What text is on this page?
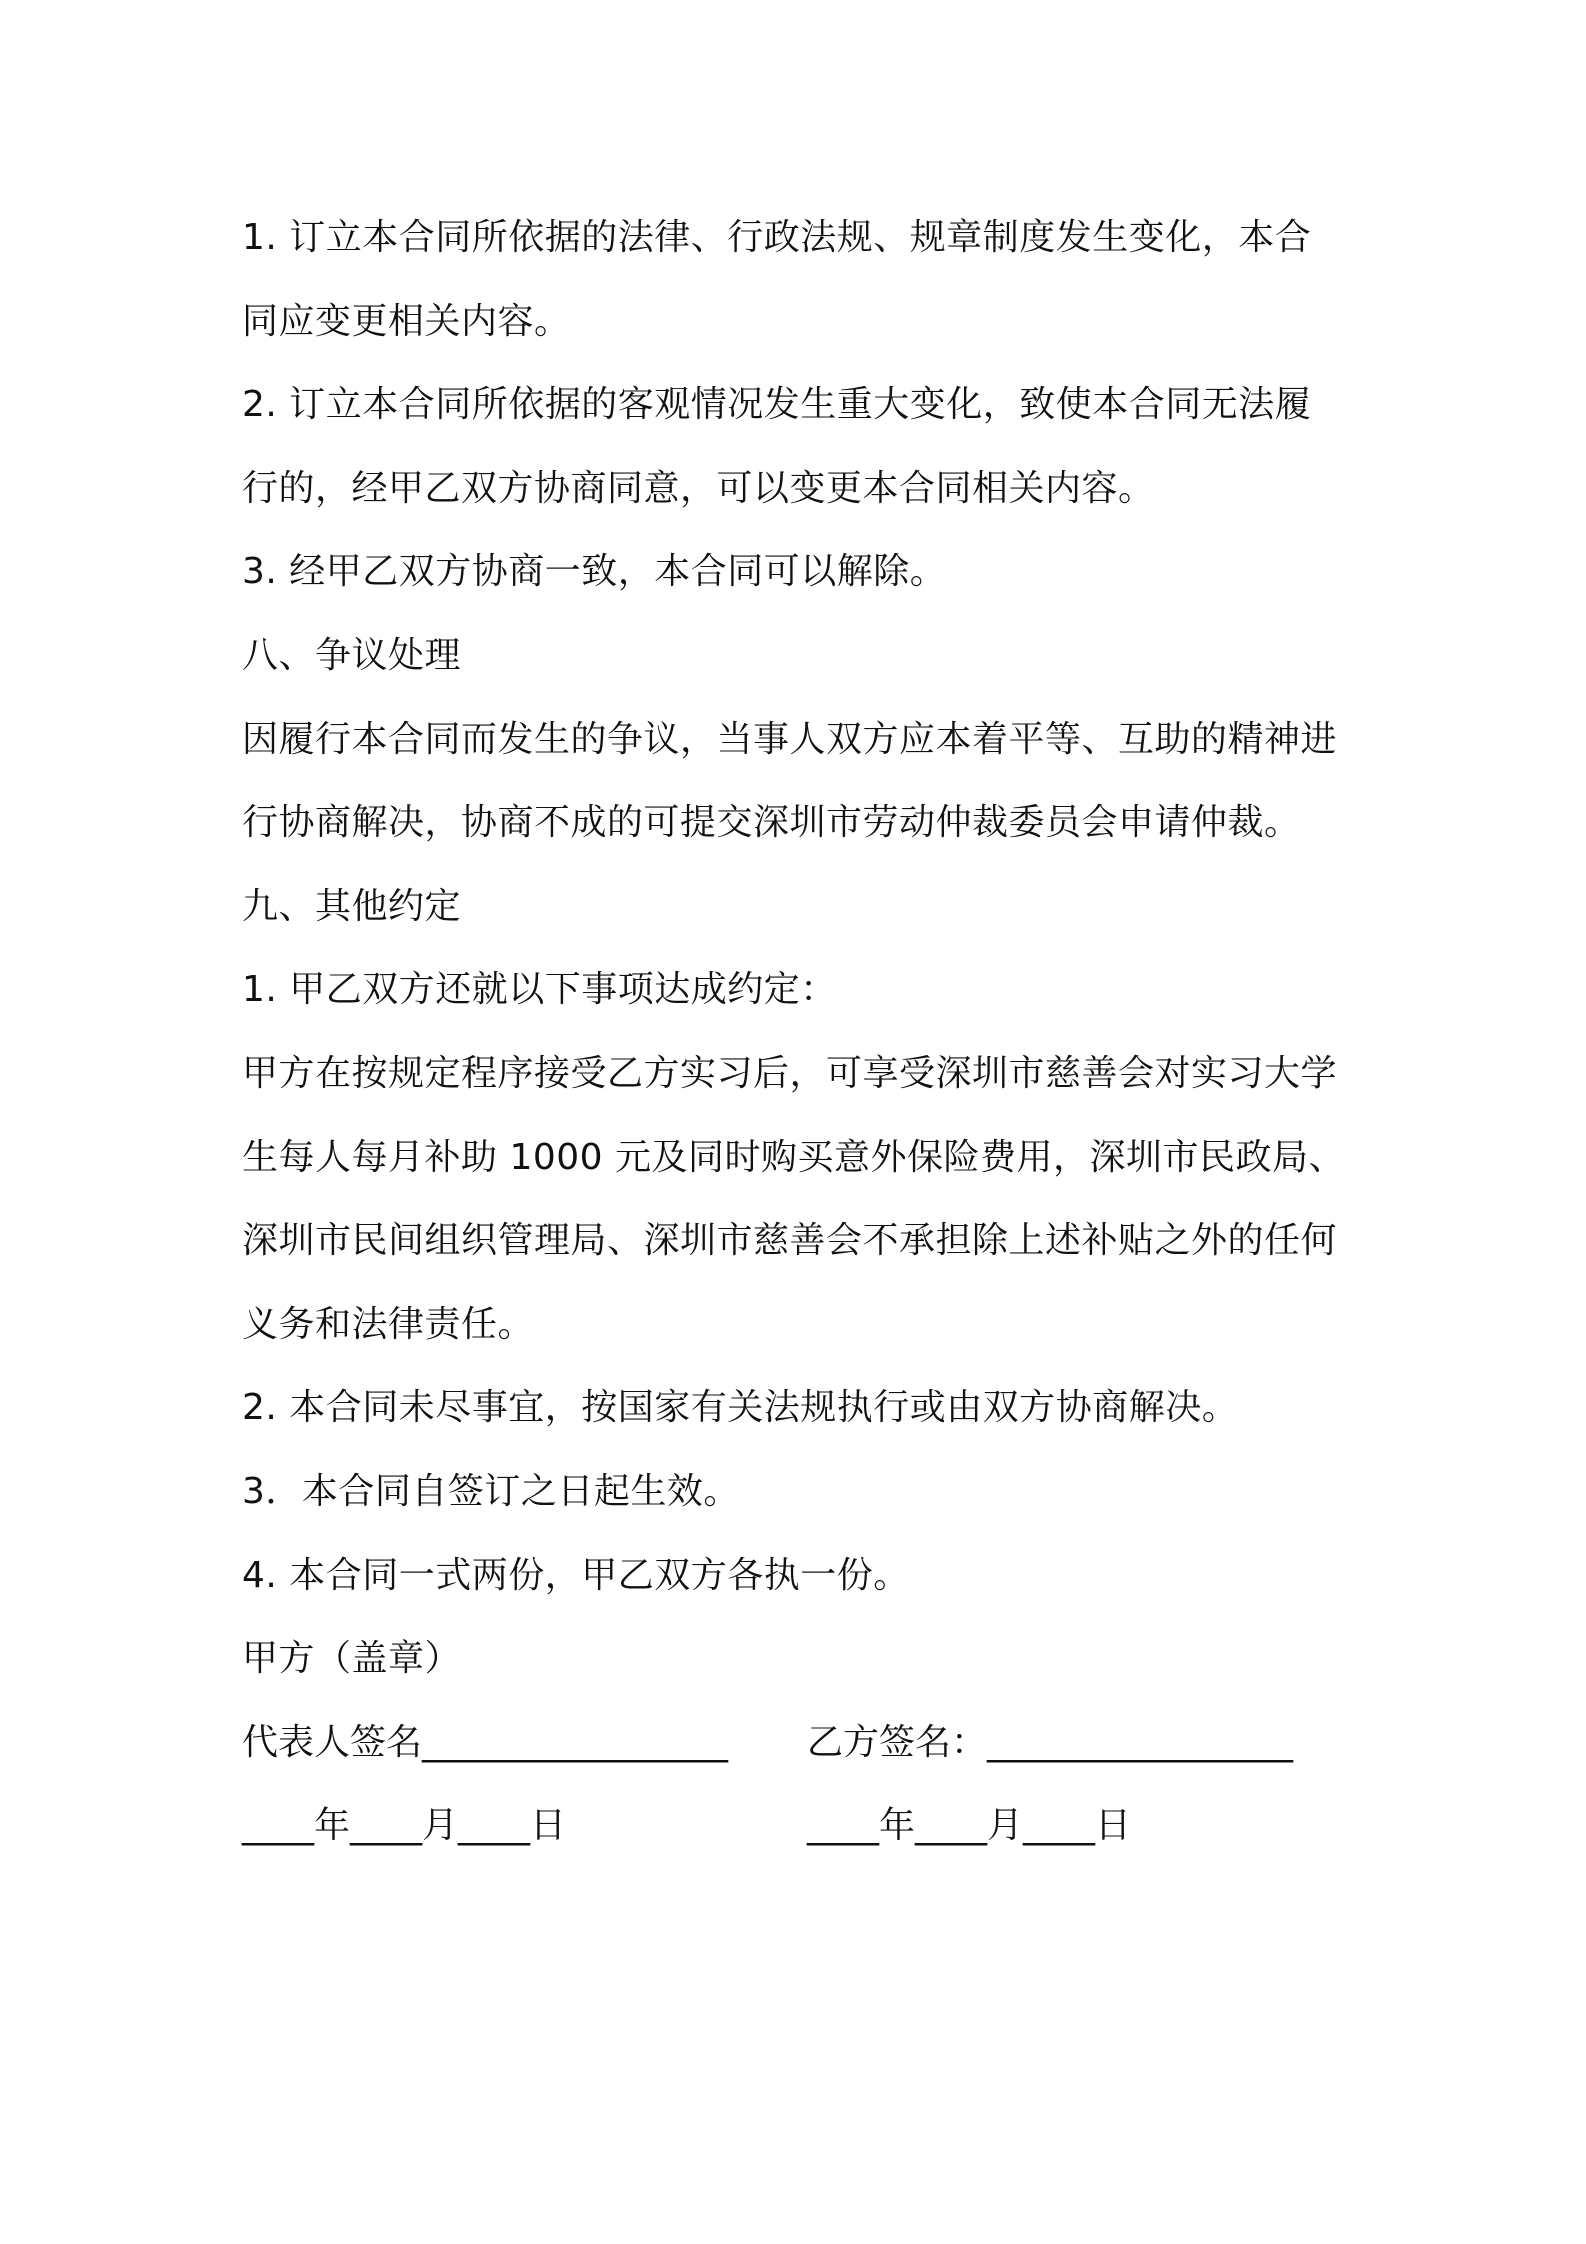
1. 订立本合同所依据的法律、行政法规、规章制度发生变化，本合
同应变更相关内容。
2. 订立本合同所依据的客观情况发生重大变化，致使本合同无法履
行的，经甲乙双方协商同意，可以变更本合同相关内容。
3. 经甲乙双方协商一致，本合同可以解除。
八、争议处理
因履行本合同而发生的争议，当事人双方应本着平等、互助的精神进
行协商解决，协商不成的可提交深圳市劳动仲裁委员会申请仲裁。
九、其他约定
1. 甲乙双方还就以下事项达成约定：
甲方在按规定程序接受乙方实习后，可享受深圳市慈善会对实习大学
生每人每月补助 1000 元及同时购买意外保险费用，深圳市民政局、
深圳市民间组织管理局、深圳市慈善会不承担除上述补贴之外的任何
义务和法律责任。
2. 本合同未尽事宜，按国家有关法规执行或由双方协商解决。
3．本合同自签订之日起生效。
4. 本合同一式两份，甲乙双方各执一份。
甲方（盖章）
代表人签名_________________ 乙方签名：_________________
____年____月____日	____年____月____日
